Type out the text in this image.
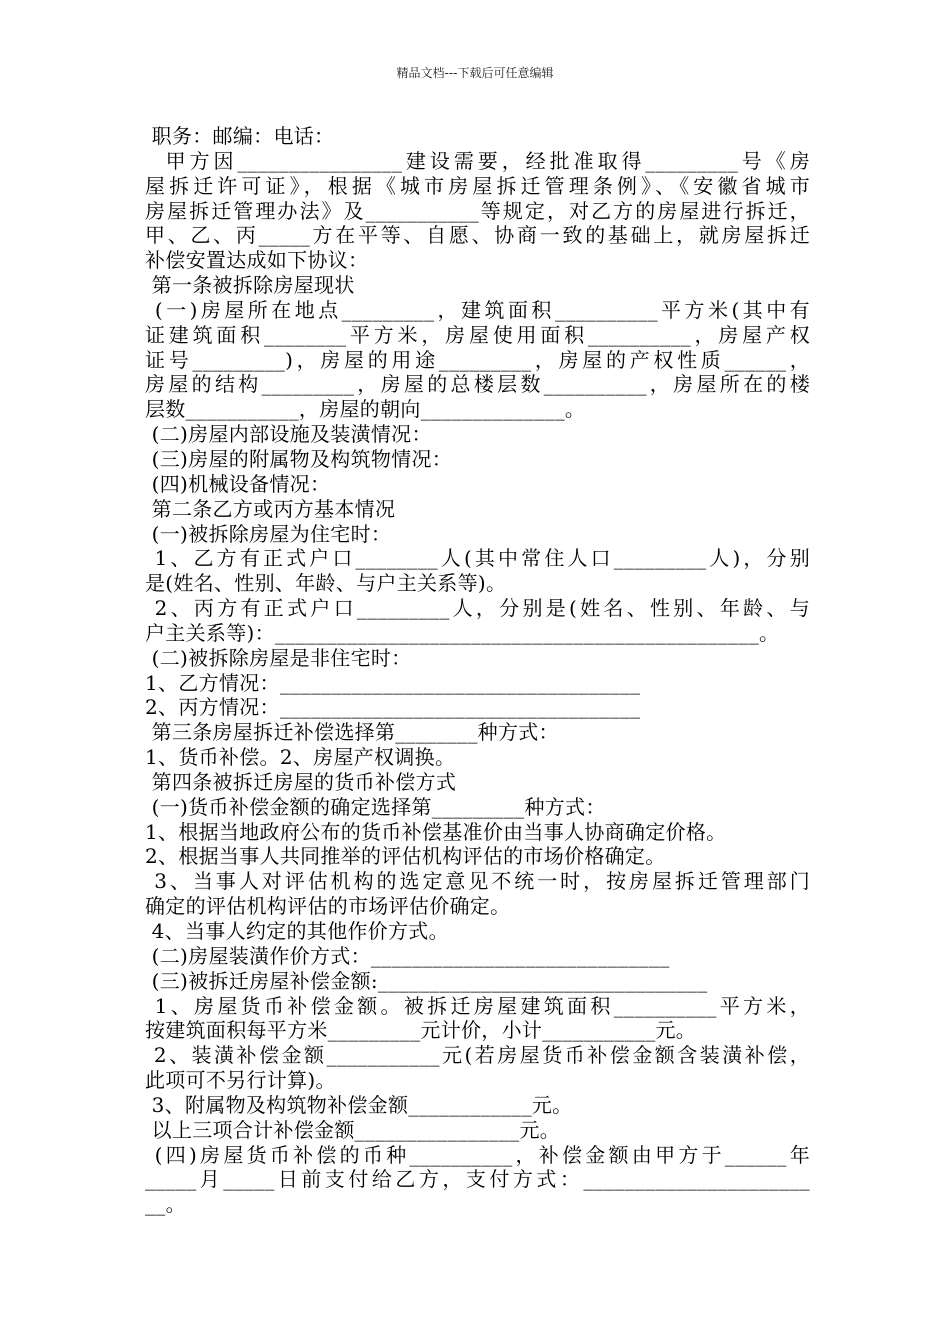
精品文档---下载后可任意编辑
职务：邮编：电话：
甲方因________________建设需要，经批准取得_________号《房
屋拆迁许可证》，根据《城市房屋拆迁管理条例》、《安徽省城市
房屋拆迁管理办法》及___________等规定，对乙方的房屋进行拆迁，
甲、乙、丙_____方在平等、自愿、协商一致的基础上，就房屋拆迁
补偿安置达成如下协议：
第一条被拆除房屋现状
(一)房屋所在地点_________，建筑面积__________平方米(其中有
证建筑面积________平方米，房屋使用面积__________，房屋产权
证号_________)，房屋的用途_________，房屋的产权性质______，
房屋的结构_________，房屋的总楼层数__________，房屋所在的楼
层数___________，房屋的朝向______________。
(二)房屋内部设施及装潢情况：
(三)房屋的附属物及构筑物情况：
(四)机械设备情况：
第二条乙方或丙方基本情况
(一)被拆除房屋为住宅时：
1、乙方有正式户口________人(其中常住人口_________人)，分别
是(姓名、性别、年龄、与户主关系等)。
2、丙方有正式户口_________人，分别是(姓名、性别、年龄、与
户主关系等)：_______________________________________________。
(二)被拆除房屋是非住宅时：
1、乙方情况：___________________________________
2、丙方情况：___________________________________
第三条房屋拆迁补偿选择第________种方式：
1、货币补偿。2、房屋产权调换。
第四条被拆迁房屋的货币补偿方式
(一)货币补偿金额的确定选择第_________种方式：
1、根据当地政府公布的货币补偿基准价由当事人协商确定价格。
2、根据当事人共同推举的评估机构评估的市场价格确定。
3、当事人对评估机构的选定意见不统一时，按房屋拆迁管理部门
确定的评估机构评估的市场评估价确定。
4、当事人约定的其他作价方式。
(二)房屋装潢作价方式：_____________________________
(三)被拆迁房屋补偿金额:________________________________
1、房屋货币补偿金额。被拆迁房屋建筑面积__________平方米，
按建筑面积每平方米_________元计价，小计___________元。
2、装潢补偿金额___________元(若房屋货币补偿金额含装潢补偿，
此项可不另行计算)。
3、附属物及构筑物补偿金额____________元。
以上三项合计补偿金额________________元。
(四)房屋货币补偿的币种__________，补偿金额由甲方于______年
_____月_____日前支付给乙方，支付方式：______________________
__。
